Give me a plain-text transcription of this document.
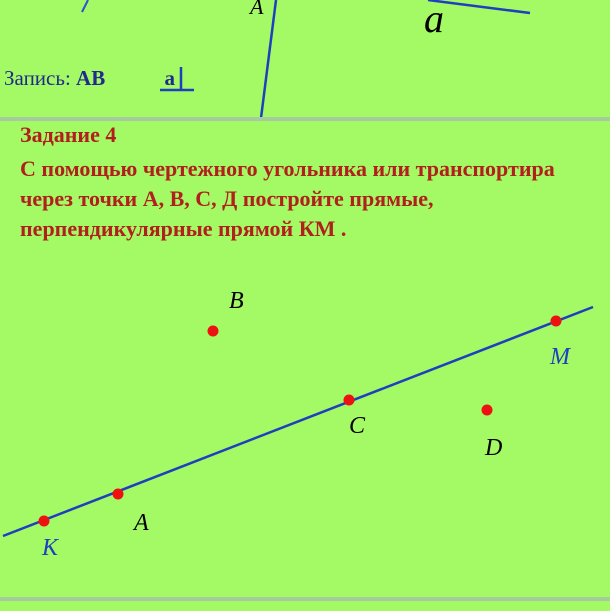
A	a
K
A
B
C
D
M
Запись: AB	a
Задание 4
С помощью чертежного угольника или транспортира через точки А, В, С, Д постройте прямые, перпендикулярные прямой КМ .
